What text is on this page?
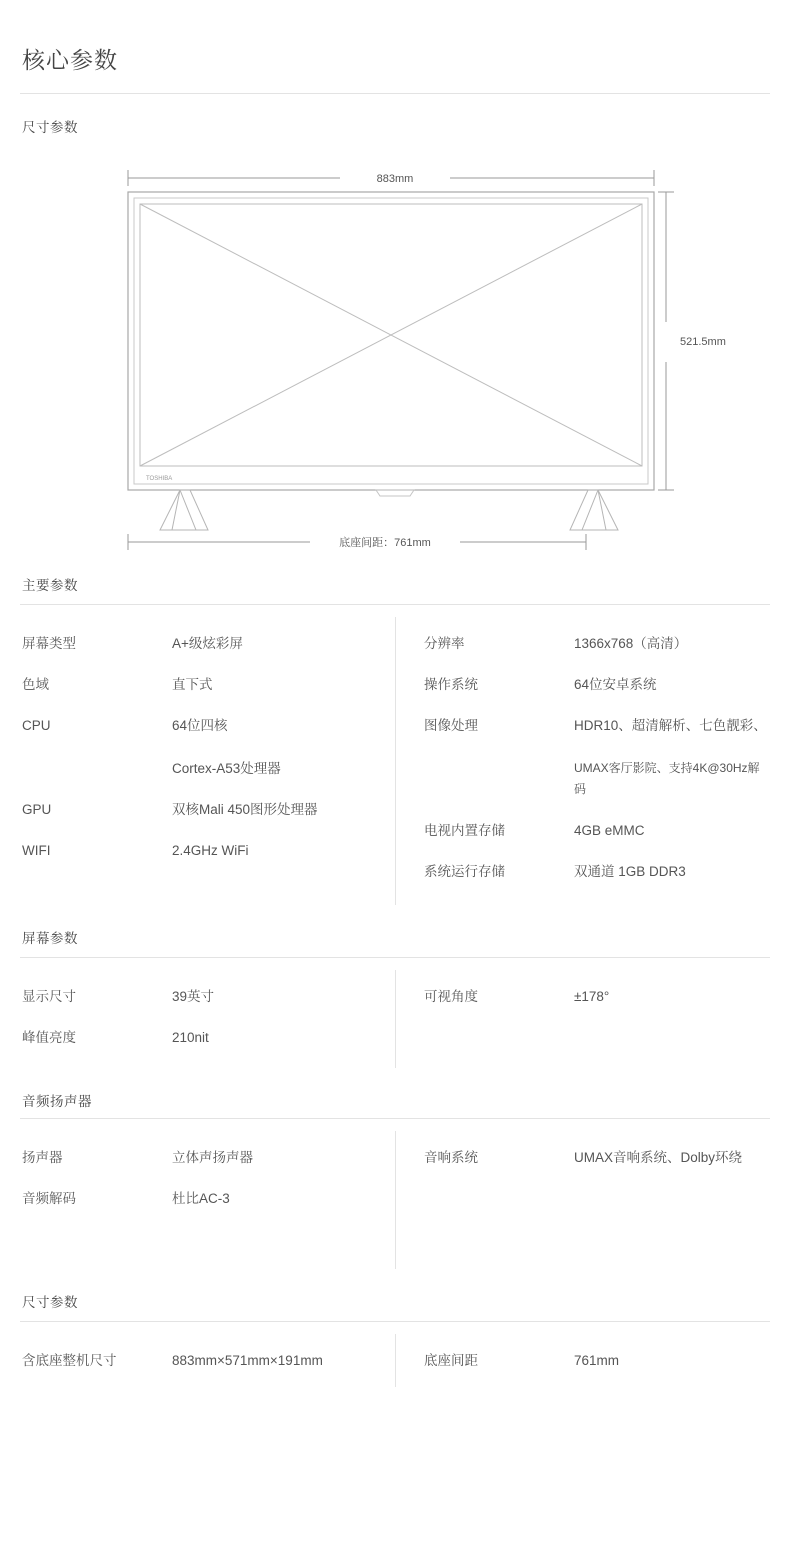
核心参数
尺寸参数
883mm
TOSHIBA
521.5mm
底座间距：761mm
主要参数
屏幕类型	A+级炫彩屏
色域	直下式
CPU	64位四核
Cortex-A53处理器
GPU	双核Mali 450图形处理器
WIFI	2.4GHz WiFi
分辨率	1366x768（高清）
操作系统	64位安卓系统
图像处理	HDR10、超清解析、七色靓彩、
UMAX客厅影院、支持4K@30Hz解码
电视内置存储	4GB eMMC
系统运行存储	双通道 1GB DDR3
屏幕参数
显示尺寸	39英寸
峰值亮度	210nit
可视角度	±178°
音频扬声器
扬声器	立体声扬声器
音频解码	杜比AC-3
音响系统	UMAX音响系统、Dolby环绕
尺寸参数
含底座整机尺寸	883mm×571mm×191mm	底座间距	761mm
